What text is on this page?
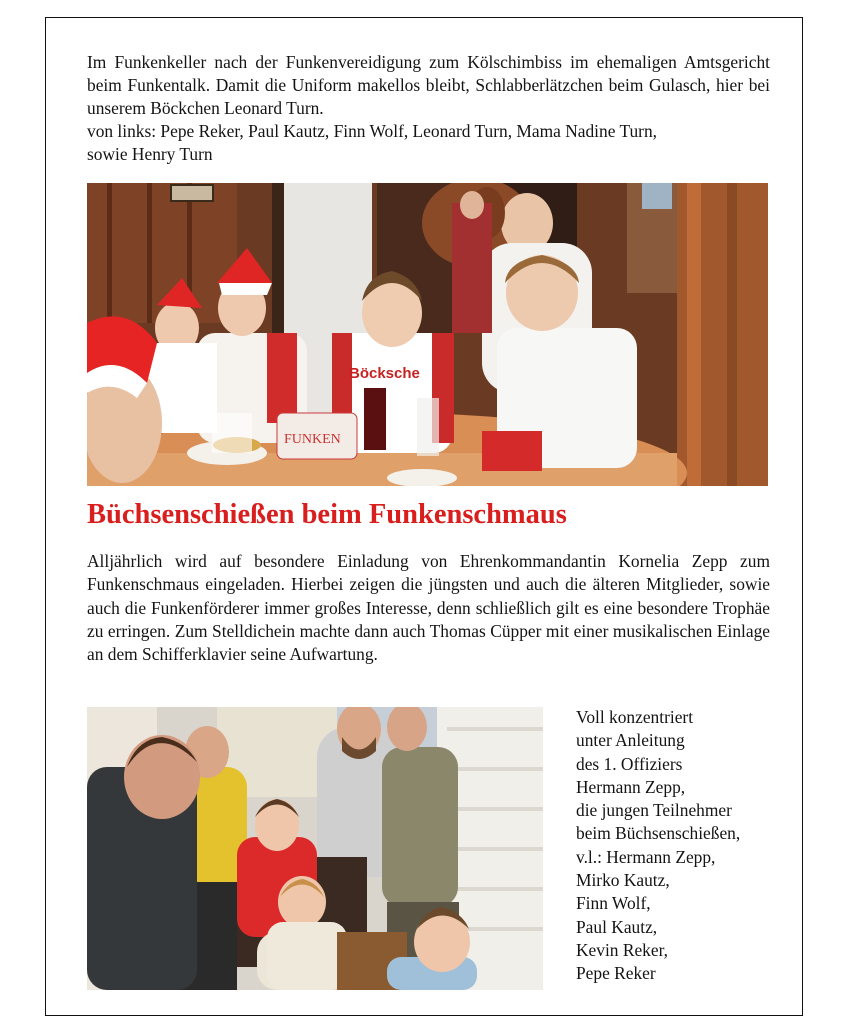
Im Funkenkeller nach der Funkenvereidigung zum Kölschimbiss im ehemaligen Amtsgericht beim Funkentalk. Damit die Uniform makellos bleibt, Schlabberlätzchen beim Gulasch, hier bei unserem Böckchen Leonard Turn.

von links: Pepe Reker, Paul Kautz, Finn Wolf, Leonard Turn, Mama Nadine Turn,

sowie Henry Turn

Böcksche
FUNKEN
Büchsenschießen beim Funkenschmaus

Alljährlich wird auf besondere Einladung von Ehrenkommandantin Kornelia Zepp zum Funkenschmaus eingeladen. Hierbei zeigen die jüngsten und auch die älteren Mitglieder, sowie auch die Funkenförderer immer großes Interesse, denn schließlich gilt es eine besondere Trophäe zu erringen. Zum Stelldichein machte dann auch Thomas Cüpper mit einer musikalischen Einlage an dem Schifferklavier seine Aufwartung.

Voll konzentriert
unter Anleitung
des 1. Offiziers
Hermann Zepp,
die jungen Teilnehmer
beim Büchsenschießen,
v.l.: Hermann Zepp,
Mirko Kautz,
Finn Wolf,
Paul Kautz,
Kevin Reker,
Pepe Reker
